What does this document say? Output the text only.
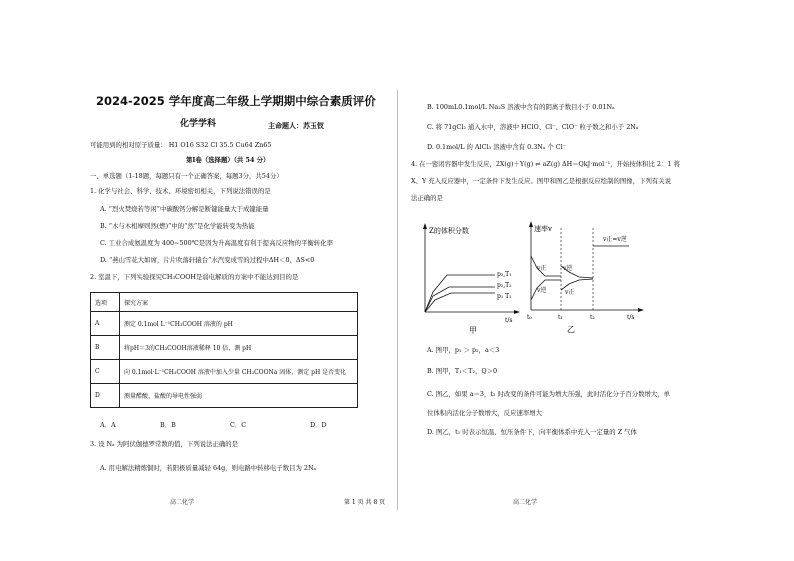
2024-2025 学年度高二年级上学期期中综合素质评价
化学学科	主命题人：苏玉钗
可能用到的相对原子质量： H1 O16 S32 Cl 35.5 Cu64 Zn65
第Ⅰ卷（选择题）（共 54 分）
一、单选题（1-18题，每题只有一个正确答案，每题3分，共54分）
1. 化学与社会、科学、技术、环境密切相关，下列说法错误的是
A. “烈火焚烧若等闲”中碳酸钙分解是断键能量大于成键能量
B. “木与木相摩则然(燃)”中的“然”是化学能转变为热能
C. 工业合成氨温度为 400~500℃是因为升高温度有利于提高反应物的平衡转化率
D. “燕山雪花大如席，片片吹落轩辕台”水汽变成雪的过程中ΔH＜0、ΔS<0
2. 室温下，下列实验探究CH₃COOH是弱电解质的方案中不能达到目的是
选项	探究方案
A	测定 0.1mol L⁻¹CH₃COOH 溶液的 pH
B	将pH＝3的CH₃COOH溶液稀释 10 倍，测 pH
C	向 0.1mol·L⁻¹CH₃COOH 溶液中加入少量 CH₃COONa 固体，测定 pH 是否变化
D	测量醋酸、盐酸的导电性强弱
A．A	B．B	C．C	D．D
3. 设 Nₐ 为阿伏伽德罗常数的值，下列说法正确的是
A. 用电解法精炼铜时，若阳极质量减轻 64g，则电路中转移电子数目为 2Nₐ
高二化学	第 1 页 共 8 页
B. 100mL0.1mol/L Na₂S 溶液中含有的阴离子数目小于 0.01Nₐ
C. 将 71gCl₂ 通入水中，溶液中 HClO、Cl⁻、ClO⁻ 粒子数之和小于 2Nₐ
D. 0.1mol/L 的 AlCl₃ 溶液中含有 0.3Nₐ 个 Cl⁻
4. 在一密闭容器中发生反应，2X(g)＋Y(g) ⇌ aZ(g) ΔH＝QkJ·mol⁻¹，开始按体积比 2：1 将
X、Y 充入反应器中，一定条件下发生反应。图甲和图乙是根据反应绘制的图像，下列有关说
法正确的是
Z的体积分数
p₂,T₁
p₂,T₂
p₁ T₂
t/s
甲
速率v
v正	v逆
v逆	v正
v正=v逆
t₀	t₁	t₂	t/s
乙
A. 图甲，p₁ ＞ p₂，a＜3
B. 图甲，T₁＜T₂，Q＞0
C. 图乙，如果 a＝3，t₂ 时改变的条件可能为增大压强，此时活化分子百分数增大，单
位体积内活化分子数增大，反应速率增大
D. 图乙，t₁ 时表示恒温、恒压条件下，向平衡体系中充入一定量的 Z 气体
高二化学
